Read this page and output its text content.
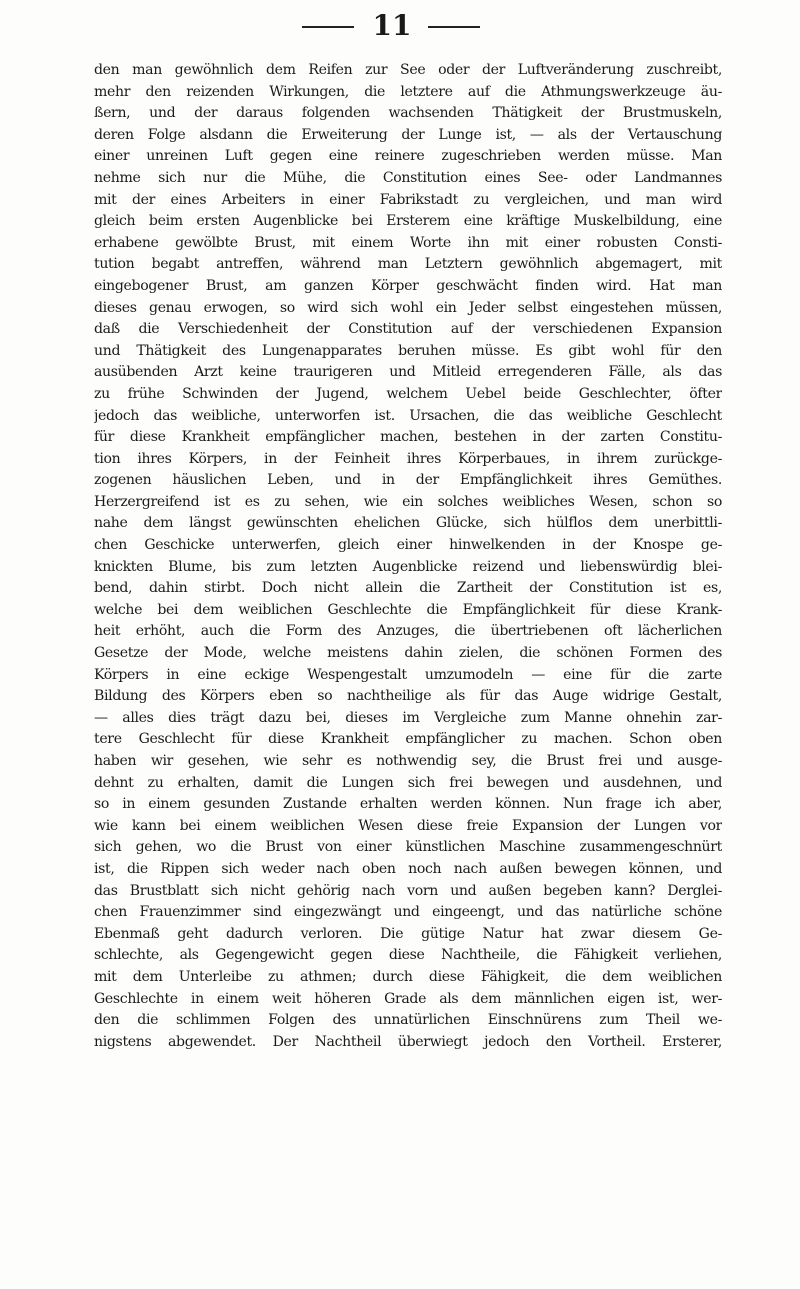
11
den man gewöhnlich dem Reifen zur See oder der Luftveränderung zuschreibt,
mehr den reizenden Wirkungen, die letztere auf die Athmungswerkzeuge äu-
ßern, und der daraus folgenden wachsenden Thätigkeit der Brustmuskeln,
deren Folge alsdann die Erweiterung der Lunge ist, — als der Vertauschung
einer unreinen Luft gegen eine reinere zugeschrieben werden müsse. Man
nehme sich nur die Mühe, die Constitution eines See- oder Landmannes
mit der eines Arbeiters in einer Fabrikstadt zu vergleichen, und man wird
gleich beim ersten Augenblicke bei Ersterem eine kräftige Muskelbildung, eine
erhabene gewölbte Brust, mit einem Worte ihn mit einer robusten Consti-
tution begabt antreffen, während man Letztern gewöhnlich abgemagert, mit
eingebogener Brust, am ganzen Körper geschwächt finden wird. Hat man
dieses genau erwogen, so wird sich wohl ein Jeder selbst eingestehen müssen,
daß die Verschiedenheit der Constitution auf der verschiedenen Expansion
und Thätigkeit des Lungenapparates beruhen müsse. Es gibt wohl für den
ausübenden Arzt keine traurigeren und Mitleid erregenderen Fälle, als das
zu frühe Schwinden der Jugend, welchem Uebel beide Geschlechter, öfter
jedoch das weibliche, unterworfen ist. Ursachen, die das weibliche Geschlecht
für diese Krankheit empfänglicher machen, bestehen in der zarten Constitu-
tion ihres Körpers, in der Feinheit ihres Körperbaues, in ihrem zurückge-
zogenen häuslichen Leben, und in der Empfänglichkeit ihres Gemüthes.
Herzergreifend ist es zu sehen, wie ein solches weibliches Wesen, schon so
nahe dem längst gewünschten ehelichen Glücke, sich hülflos dem unerbittli-
chen Geschicke unterwerfen, gleich einer hinwelkenden in der Knospe ge-
knickten Blume, bis zum letzten Augenblicke reizend und liebenswürdig blei-
bend, dahin stirbt. Doch nicht allein die Zartheit der Constitution ist es,
welche bei dem weiblichen Geschlechte die Empfänglichkeit für diese Krank-
heit erhöht, auch die Form des Anzuges, die übertriebenen oft lächerlichen
Gesetze der Mode, welche meistens dahin zielen, die schönen Formen des
Körpers in eine eckige Wespengestalt umzumodeln — eine für die zarte
Bildung des Körpers eben so nachtheilige als für das Auge widrige Gestalt,
— alles dies trägt dazu bei, dieses im Vergleiche zum Manne ohnehin zar-
tere Geschlecht für diese Krankheit empfänglicher zu machen. Schon oben
haben wir gesehen, wie sehr es nothwendig sey, die Brust frei und ausge-
dehnt zu erhalten, damit die Lungen sich frei bewegen und ausdehnen, und
so in einem gesunden Zustande erhalten werden können. Nun frage ich aber,
wie kann bei einem weiblichen Wesen diese freie Expansion der Lungen vor
sich gehen, wo die Brust von einer künstlichen Maschine zusammengeschnürt
ist, die Rippen sich weder nach oben noch nach außen bewegen können, und
das Brustblatt sich nicht gehörig nach vorn und außen begeben kann? Derglei-
chen Frauenzimmer sind eingezwängt und eingeengt, und das natürliche schöne
Ebenmaß geht dadurch verloren. Die gütige Natur hat zwar diesem Ge-
schlechte, als Gegengewicht gegen diese Nachtheile, die Fähigkeit verliehen,
mit dem Unterleibe zu athmen; durch diese Fähigkeit, die dem weiblichen
Geschlechte in einem weit höheren Grade als dem männlichen eigen ist, wer-
den die schlimmen Folgen des unnatürlichen Einschnürens zum Theil we-
nigstens abgewendet. Der Nachtheil überwiegt jedoch den Vortheil. Ersterer,
